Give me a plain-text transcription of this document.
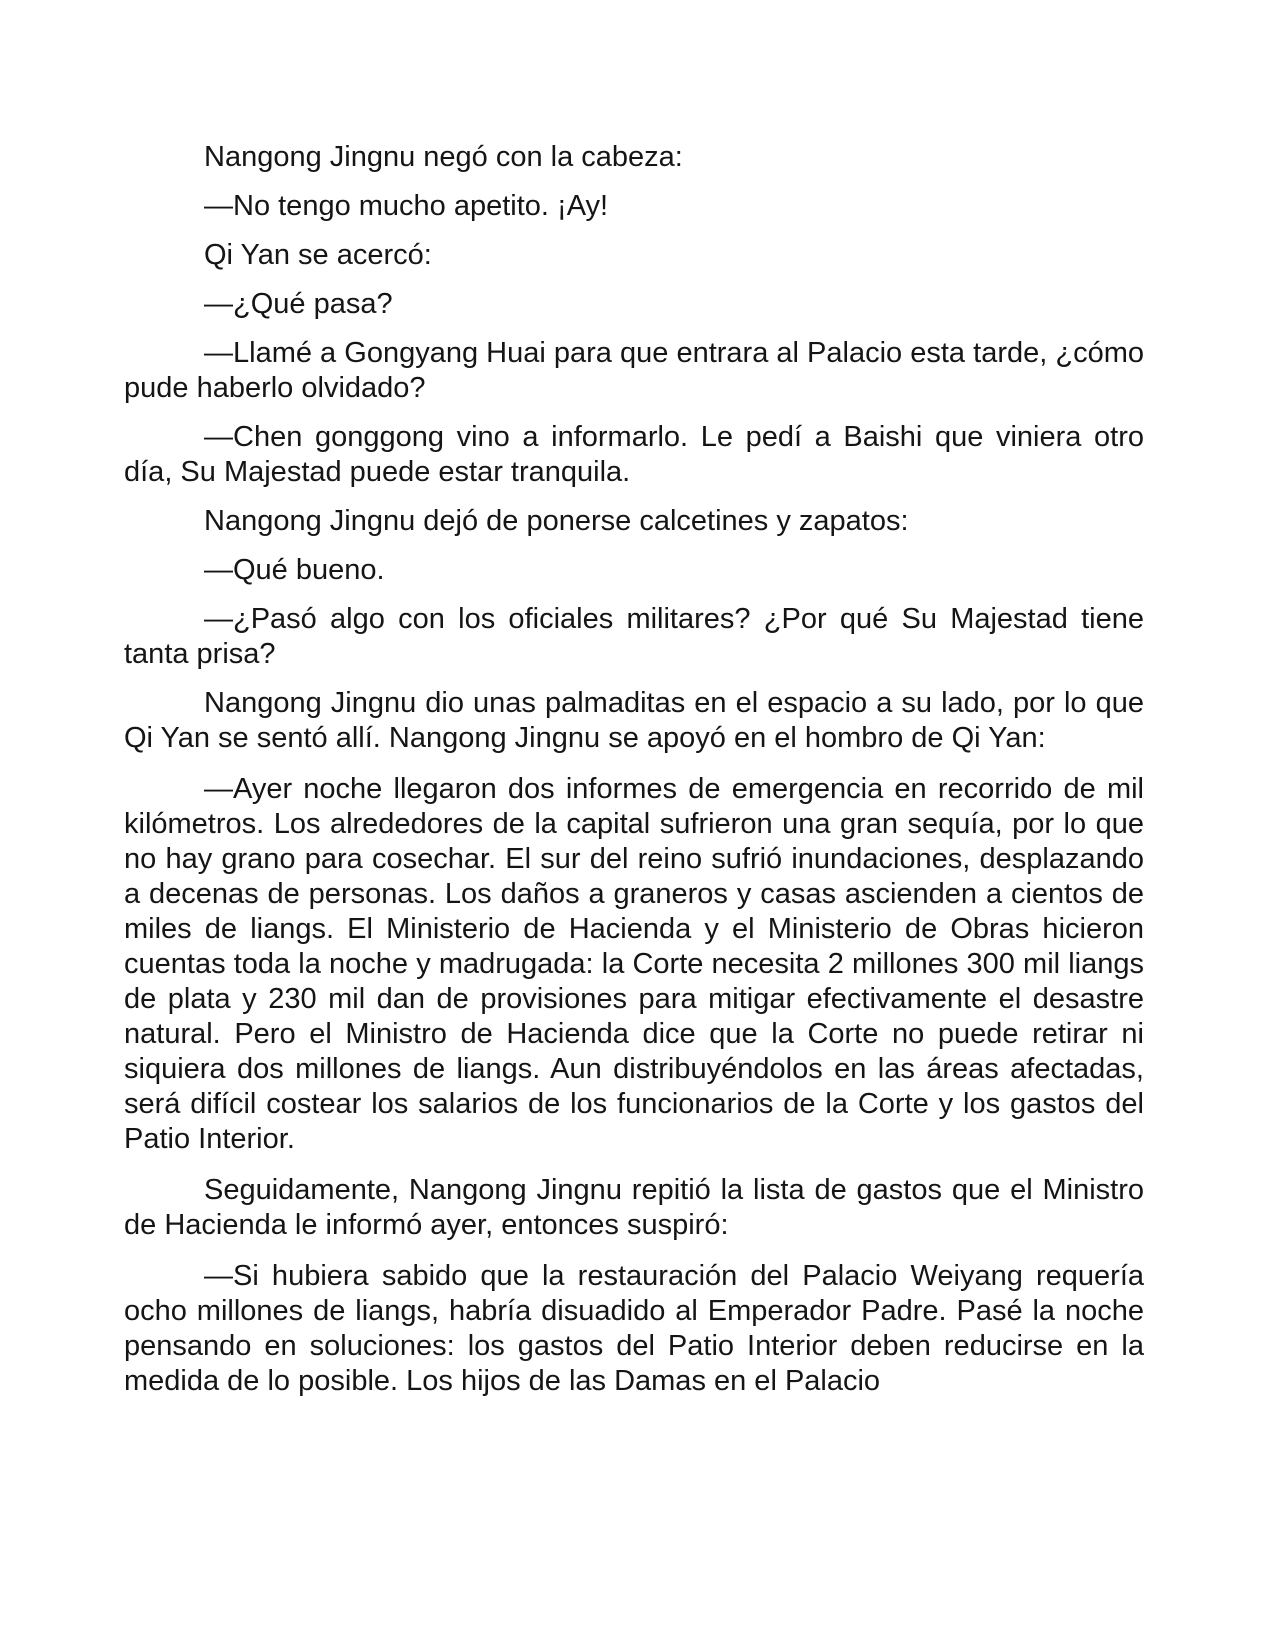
Nangong Jingnu negó con la cabeza:

—No tengo mucho apetito. ¡Ay!

Qi Yan se acercó:

—¿Qué pasa?

—Llamé a Gongyang Huai para que entrara al Palacio esta tarde, ¿cómo pude haberlo olvidado?

—Chen gonggong vino a informarlo. Le pedí a Baishi que viniera otro día, Su Majestad puede estar tranquila.

Nangong Jingnu dejó de ponerse calcetines y zapatos:

—Qué bueno.

—¿Pasó algo con los oficiales militares? ¿Por qué Su Majestad tiene tanta prisa?

Nangong Jingnu dio unas palmaditas en el espacio a su lado, por lo que Qi Yan se sentó allí. Nangong Jingnu se apoyó en el hombro de Qi Yan:

—Ayer noche llegaron dos informes de emergencia en recorrido de mil kilómetros. Los alrededores de la capital sufrieron una gran sequía, por lo que no hay grano para cosechar. El sur del reino sufrió inundaciones, desplazando a decenas de personas. Los daños a graneros y casas ascienden a cientos de miles de liangs. El Ministerio de Hacienda y el Ministerio de Obras hicieron cuentas toda la noche y madrugada: la Corte necesita 2 millones 300 mil liangs de plata y 230 mil dan de provisiones para mitigar efectivamente el desastre natural. Pero el Ministro de Hacienda dice que la Corte no puede retirar ni siquiera dos millones de liangs. Aun distribuyéndolos en las áreas afectadas, será difícil costear los salarios de los funcionarios de la Corte y los gastos del Patio Interior.

Seguidamente, Nangong Jingnu repitió la lista de gastos que el Ministro de Hacienda le informó ayer, entonces suspiró:

—Si hubiera sabido que la restauración del Palacio Weiyang requería ocho millones de liangs, habría disuadido al Emperador Padre. Pasé la noche pensando en soluciones: los gastos del Patio Interior deben reducirse en la medida de lo posible. Los hijos de las Damas en el Palacio
